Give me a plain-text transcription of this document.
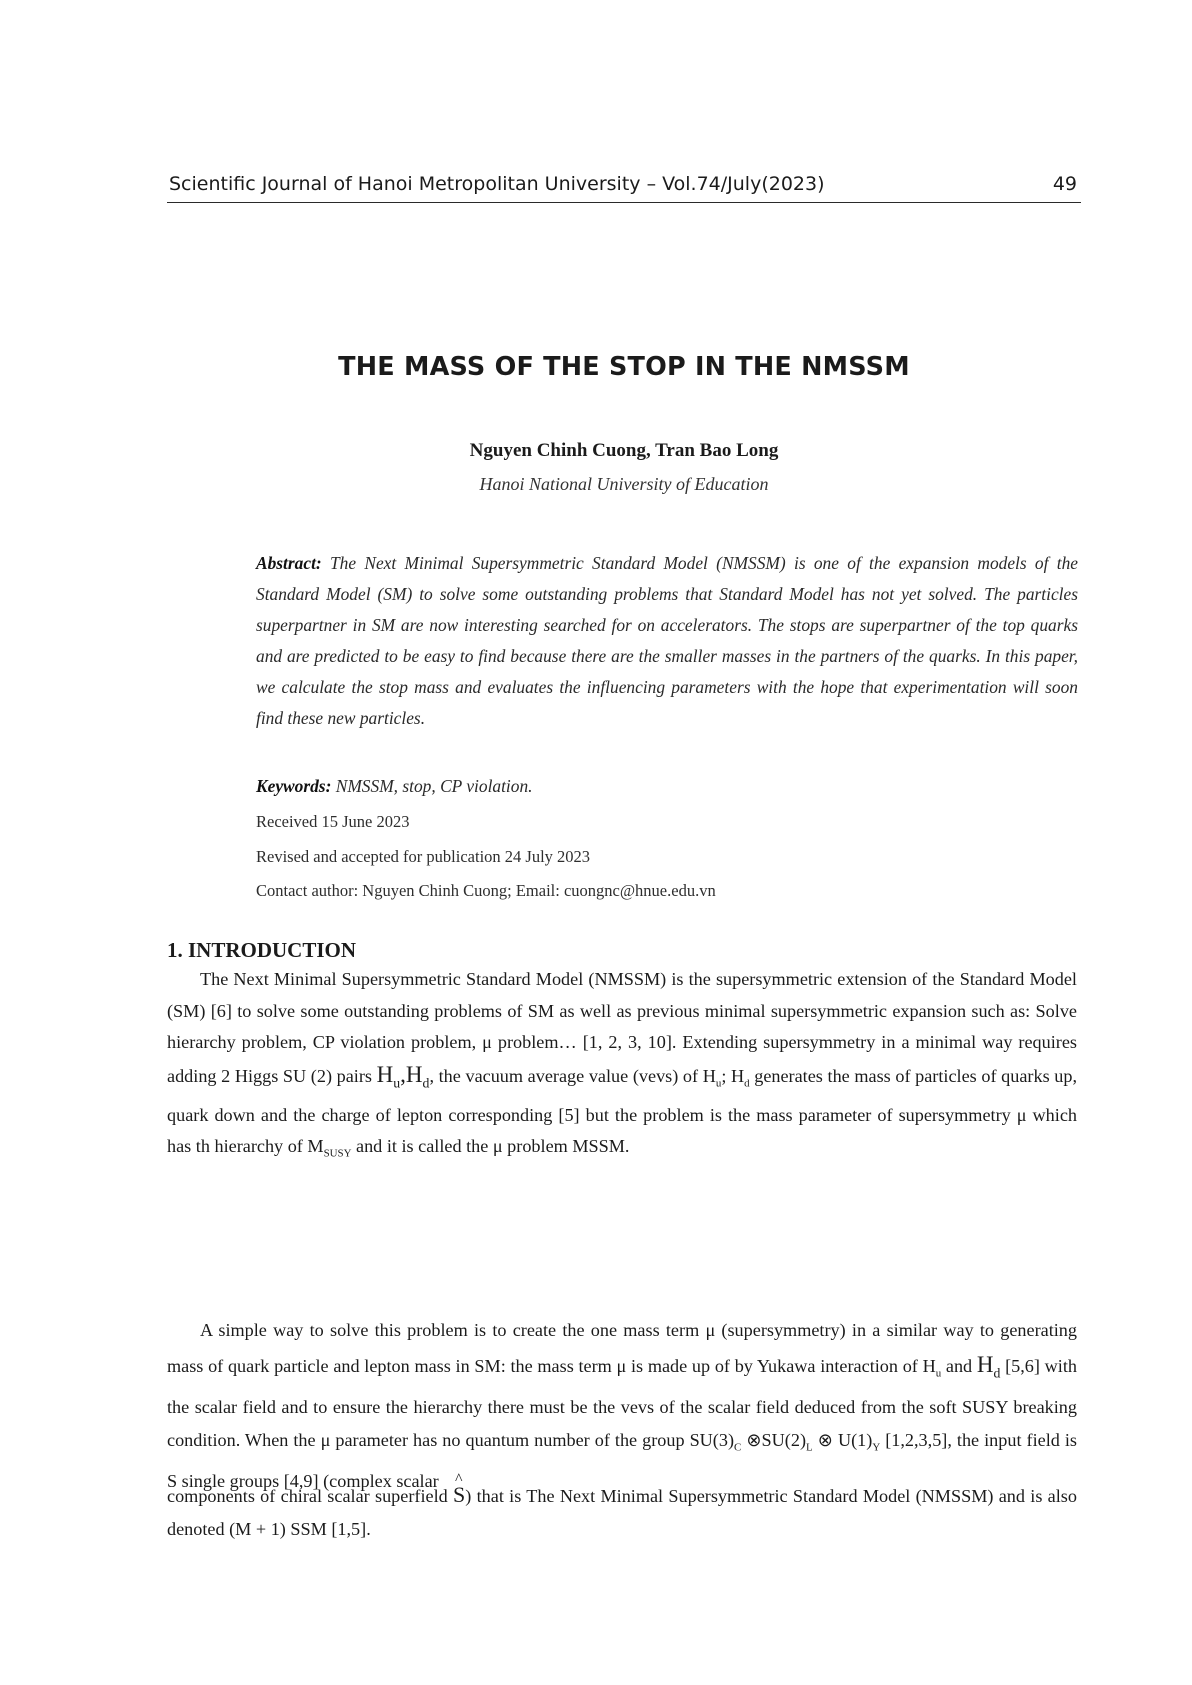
Scientific Journal of Hanoi Metropolitan University – Vol.74/July(2023)	49
THE MASS OF THE STOP IN THE NMSSM
Nguyen Chinh Cuong, Tran Bao Long
Hanoi National University of Education
Abstract: The Next Minimal Supersymmetric Standard Model (NMSSM) is one of the expansion models of the Standard Model (SM) to solve some outstanding problems that Standard Model has not yet solved. The particles superpartner in SM are now interesting searched for on accelerators. The stops are superpartner of the top quarks and are predicted to be easy to find because there are the smaller masses in the partners of the quarks. In this paper, we calculate the stop mass and evaluates the influencing parameters with the hope that experimentation will soon find these new particles.
Keywords: NMSSM, stop, CP violation.
Received 15 June 2023
Revised and accepted for publication 24 July 2023
Contact author: Nguyen Chinh Cuong; Email: cuongnc@hnue.edu.vn
1. INTRODUCTION

The Next Minimal Supersymmetric Standard Model (NMSSM) is the supersymmetric extension of the Standard Model (SM) [6] to solve some outstanding problems of SM as well as previous minimal supersymmetric expansion such as: Solve hierarchy problem, CP violation problem, μ problem… [1, 2, 3, 10]. Extending supersymmetry in a minimal way requires adding 2 Higgs SU (2) pairs $H_u,H_d$, the vacuum average value (vevs) of $H_u$; $H_d$ generates the mass of particles of quarks up, quark down and the charge of lepton corresponding [5] but the problem is the mass parameter of supersymmetry μ which has th hierarchy of $M_{SUSY}$ and it is called the μ problem MSSM.

A simple way to solve this problem is to create the one mass term μ (supersymmetry) in a similar way to generating mass of quark particle and lepton mass in SM: the mass term μ is made up of by Yukawa interaction of $H_u$ and $H_d$ [5,6] with the scalar field and to ensure the hierarchy there must be the vevs of the scalar field deduced from the soft SUSY breaking condition. When the μ parameter has no quantum number of the group $SU(3)_C$ $\otimes SU(2)_L$ ⊗ $U(1)_Y$ [1,2,3,5], the input field is S single groups [4,9] (complex scalar

components of chiral scalar superfield ^ S) that is The Next Minimal Supersymmetric Standard Model (NMSSM) and is also denoted (M + 1) SSM [1,5].
